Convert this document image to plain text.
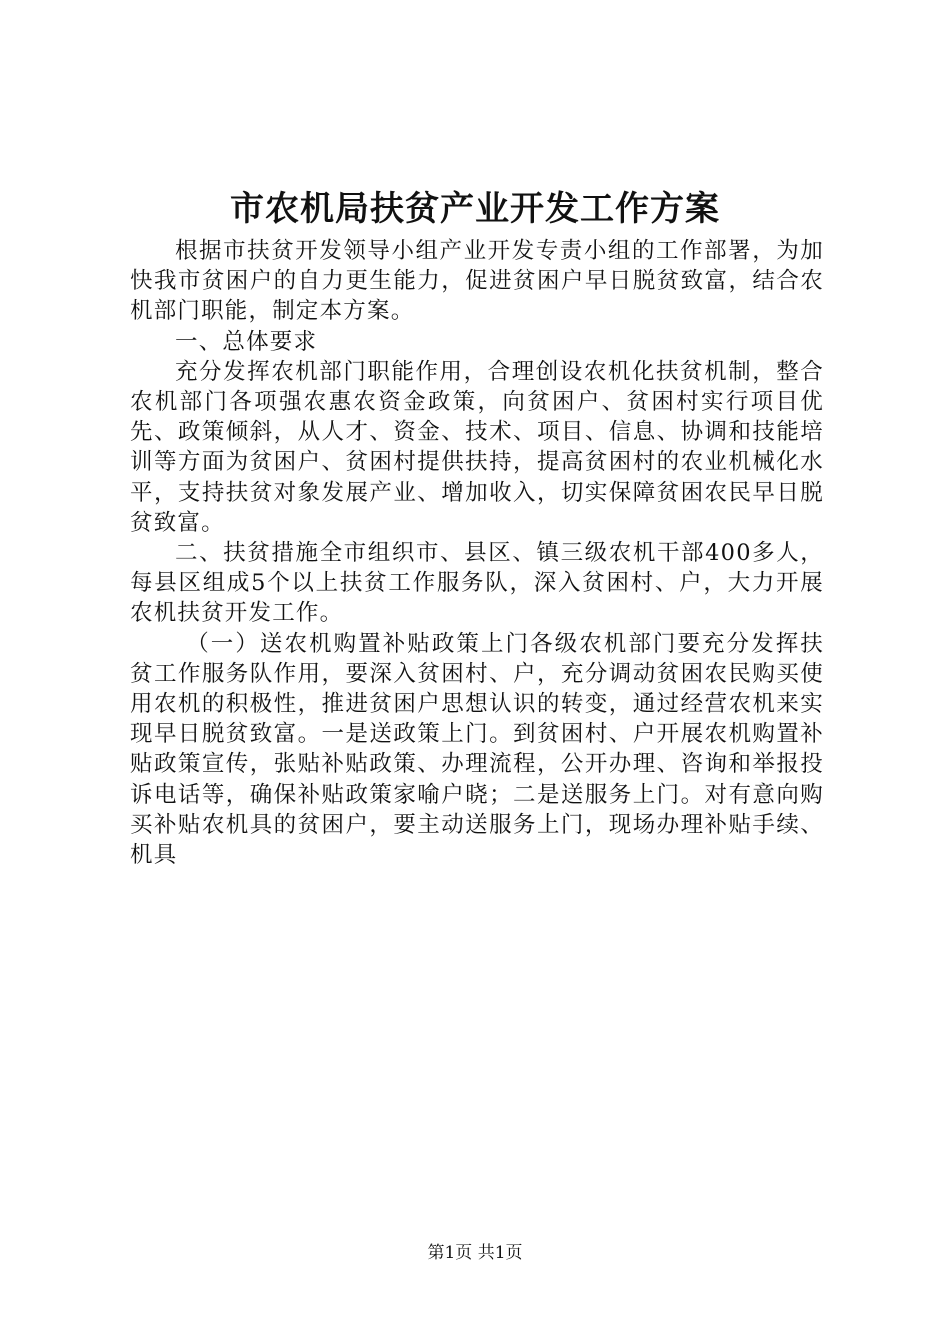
市农机局扶贫产业开发工作方案

根据市扶贫开发领导小组产业开发专责小组的工作部署，为加快我市贫困户的自力更生能力，促进贫困户早日脱贫致富，结合农机部门职能，制定本方案。

一、总体要求

充分发挥农机部门职能作用，合理创设农机化扶贫机制，整合农机部门各项强农惠农资金政策，向贫困户、贫困村实行项目优先、政策倾斜，从人才、资金、技术、项目、信息、协调和技能培训等方面为贫困户、贫困村提供扶持，提高贫困村的农业机械化水平，支持扶贫对象发展产业、增加收入，切实保障贫困农民早日脱贫致富。

二、扶贫措施全市组织市、县区、镇三级农机干部400多人，每县区组成5个以上扶贫工作服务队，深入贫困村、户，大力开展农机扶贫开发工作。

（一）送农机购置补贴政策上门各级农机部门要充分发挥扶贫工作服务队作用，要深入贫困村、户，充分调动贫困农民购买使用农机的积极性，推进贫困户思想认识的转变，通过经营农机来实现早日脱贫致富。一是送政策上门。到贫困村、户开展农机购置补贴政策宣传，张贴补贴政策、办理流程，公开办理、咨询和举报投诉电话等，确保补贴政策家喻户晓；二是送服务上门。对有意向购买补贴农机具的贫困户，要主动送服务上门，现场办理补贴手续、机具

第1页 共1页
